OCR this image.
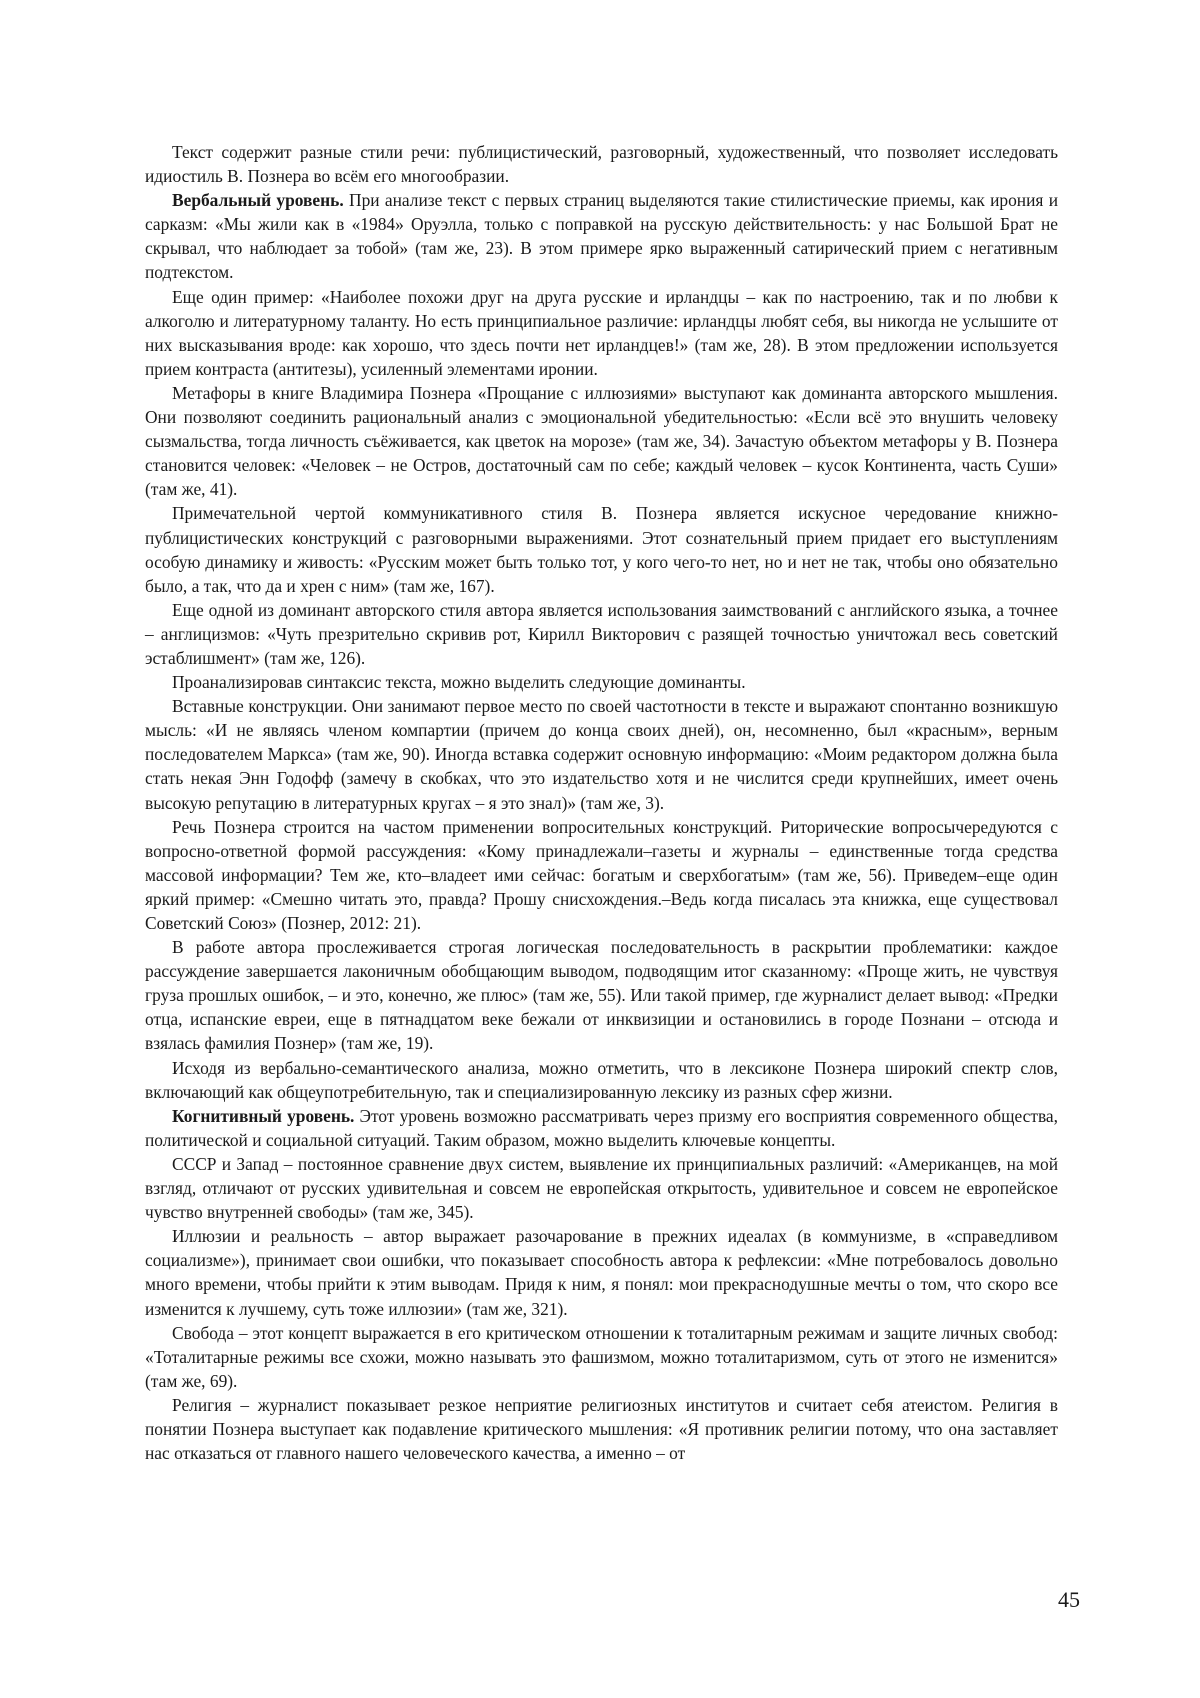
Текст содержит разные стили речи: публицистический, разговорный, художественный, что позволяет исследовать идиостиль В. Познера во всём его многообразии.

Вербальный уровень. При анализе текст с первых страниц выделяются такие стилистические приемы, как ирония и сарказм: «Мы жили как в «1984» Оруэлла, только с поправкой на русскую действительность: у нас Большой Брат не скрывал, что наблюдает за тобой» (там же, 23). В этом примере ярко выраженный сатирический прием с негативным подтекстом.

Еще один пример: «Наиболее похожи друг на друга русские и ирландцы – как по настроению, так и по любви к алкоголю и литературному таланту. Но есть принципиальное различие: ирландцы любят себя, вы никогда не услышите от них высказывания вроде: как хорошо, что здесь почти нет ирландцев!» (там же, 28). В этом предложении используется прием контраста (антитезы), усиленный элементами иронии.

Метафоры в книге Владимира Познера «Прощание с иллюзиями» выступают как доминанта авторского мышления. Они позволяют соединить рациональный анализ с эмоциональной убедительностью: «Если всё это внушить человеку сызмальства, тогда личность съёживается, как цветок на морозе» (там же, 34). Зачастую объектом метафоры у В. Познера становится человек: «Человек – не Остров, достаточный сам по себе; каждый человек – кусок Континента, часть Суши» (там же, 41).

Примечательной чертой коммуникативного стиля В. Познера является искусное чередование книжно-публицистических конструкций с разговорными выражениями. Этот сознательный прием придает его выступлениям особую динамику и живость: «Русским может быть только тот, у кого чего-то нет, но и нет не так, чтобы оно обязательно было, а так, что да и хрен с ним» (там же, 167).

Еще одной из доминант авторского стиля автора является использования заимствований с английского языка, а точнее – англицизмов: «Чуть презрительно скривив рот, Кирилл Викторович с разящей точностью уничтожал весь советский эстаблишмент» (там же, 126).

Проанализировав синтаксис текста, можно выделить следующие доминанты.

Вставные конструкции. Они занимают первое место по своей частотности в тексте и выражают спонтанно возникшую мысль: «И не являясь членом компартии (причем до конца своих дней), он, несомненно, был «красным», верным последователем Маркса» (там же, 90). Иногда вставка содержит основную информацию: «Моим редактором должна была стать некая Энн Годофф (замечу в скобках, что это издательство хотя и не числится среди крупнейших, имеет очень высокую репутацию в литературных кругах – я это знал)» (там же, 3).

Речь Познера строится на частом применении вопросительных конструкций. Риторические вопросычередуются с вопросно-ответной формой рассуждения: «Кому принадлежали–газеты и журналы – единственные тогда средства массовой информации? Тем же, кто–владеет ими сейчас: богатым и сверхбогатым» (там же, 56). Приведем–еще один яркий пример: «Смешно читать это, правда? Прошу снисхождения.–Ведь когда писалась эта книжка, еще существовал Советский Союз» (Познер, 2012: 21).

В работе автора прослеживается строгая логическая последовательность в раскрытии проблематики: каждое рассуждение завершается лаконичным обобщающим выводом, подводящим итог сказанному: «Проще жить, не чувствуя груза прошлых ошибок, – и это, конечно, же плюс» (там же, 55). Или такой пример, где журналист делает вывод: «Предки отца, испанские евреи, еще в пятнадцатом веке бежали от инквизиции и остановились в городе Познани – отсюда и взялась фамилия Познер» (там же, 19).

Исходя из вербально-семантического анализа, можно отметить, что в лексиконе Познера широкий спектр слов, включающий как общеупотребительную, так и специализированную лексику из разных сфер жизни.

Когнитивный уровень. Этот уровень возможно рассматривать через призму его восприятия современного общества, политической и социальной ситуаций. Таким образом, можно выделить ключевые концепты.

СССР и Запад – постоянное сравнение двух систем, выявление их принципиальных различий: «Американцев, на мой взгляд, отличают от русских удивительная и совсем не европейская открытость, удивительное и совсем не европейское чувство внутренней свободы» (там же, 345).

Иллюзии и реальность – автор выражает разочарование в прежних идеалах (в коммунизме, в «справедливом социализме»), принимает свои ошибки, что показывает способность автора к рефлексии: «Мне потребовалось довольно много времени, чтобы прийти к этим выводам. Придя к ним, я понял: мои прекраснодушные мечты о том, что скоро все изменится к лучшему, суть тоже иллюзии» (там же, 321).

Свобода – этот концепт выражается в его критическом отношении к тоталитарным режимам и защите личных свобод: «Тоталитарные режимы все схожи, можно называть это фашизмом, можно тоталитаризмом, суть от этого не изменится» (там же, 69).

Религия – журналист показывает резкое неприятие религиозных институтов и считает себя атеистом. Религия в понятии Познера выступает как подавление критического мышления: «Я противник религии потому, что она заставляет нас отказаться от главного нашего человеческого качества, а именно – от

45
